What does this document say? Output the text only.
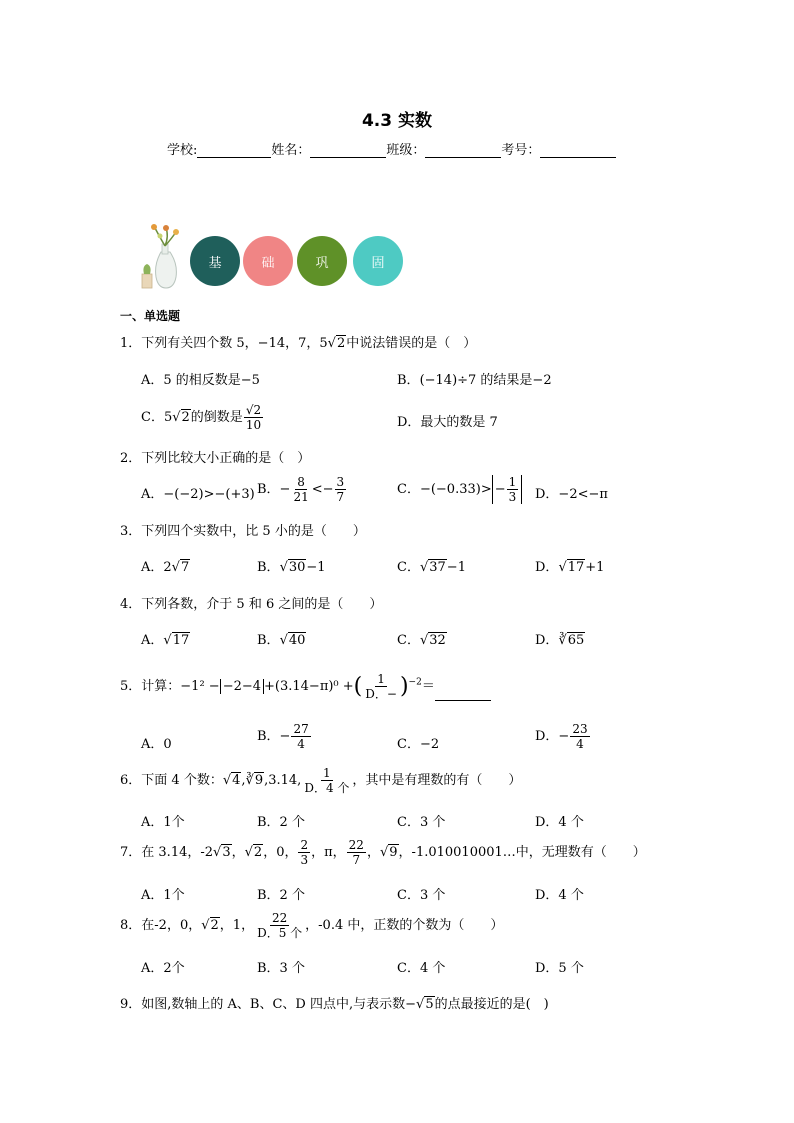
4.3 实数
学校:	姓名：	班级：	考号：
基	础	巩	固
一、单选题
1．下列有关四个数 5，−14，7，5√2中说法错误的是（　）
A．5 的相反数是−5	B．(−14)÷7 的结果是−2
C．5√2的倒数是 $\frac{√2}{10}$	D．最大的数是 7
2．下列比较大小正确的是（　）
A．−(−2)>−(+3) B．− $\frac{8}{21} <- \frac{3}{7}$	C．$-(-0.33)> - \frac{1}{3}$ D．−2<−π
3．下列四个实数中，比 5 小的是（　　）
A．2√7	B．√30−1	C．√37−1	D．√17+1
4．下列各数，介于 5 和 6 之间的是（　　）
A．√17	B．√40	C．√32	D．∛65
5．计算：−1² − −2−4 +(3.14−π)⁰ +( $\frac{1}{D.-} )^{-2}=$
A．0
B．− $\frac{27}{4}$	C．−2
D．− $\frac{23}{4}$
6．下面 4 个数：√4,∛9,3.14, $\frac{1}{\text{D．4 个}}$ ，其中是有理数的有（　　）
A．1个	B．2 个	C．3 个	D．4 个
7．在 3.14，-2√3，√2，0， $\frac{2}{3}$ ，π， $\frac{22}{7}$ ，√9，-1.010010001…中，无理数有（　　）
A．1个	B．2 个	C．3 个	D．4 个
8．在-2，0，√2，1， $\frac{22}{\text{D．5 个}}$ ，-0.4 中，正数的个数为（　　）
A．2个	B．3 个	C．4 个	D．5 个
9．如图,数轴上的 A、B、C、D 四点中,与表示数−√5的点最接近的是(　)
